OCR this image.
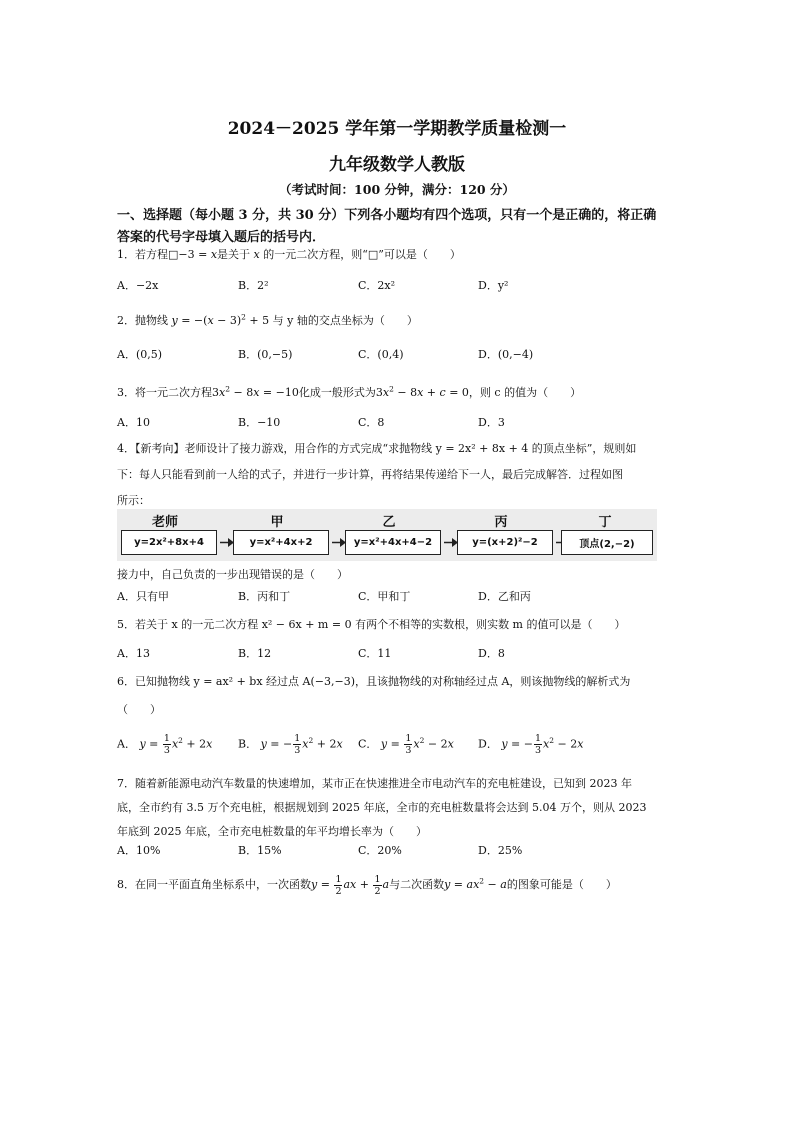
2024－2025 学年第一学期教学质量检测一
九年级数学人教版
（考试时间：100 分钟，满分：120 分）
一、选择题（每小题 3 分，共 30 分）下列各小题均有四个选项，只有一个是正确的，将正确
答案的代号字母填入题后的括号内．
1．若方程□−3 = x是关于 x 的一元二次方程，则“□”可以是（　　）
A．−2x	B．2²	C．2x²	D．y²
2．抛物线 $y = -(x - 3)^2 + 5$ 与 y 轴的交点坐标为（　　）
A．(0,5)	B．(0,−5)	C．(0,4)	D．(0,−4)
3．将一元二次方程$3x^2 - 8x = -10$化成一般形式为$3x^2 - 8x + c = 0$，则 c 的值为（　　）
A．10	B．−10	C．8	D．3
4．【新考向】老师设计了接力游戏，用合作的方式完成“求抛物线 y = 2x² + 8x + 4 的顶点坐标”，规则如
下：每人只能看到前一人给的式子，并进行一步计算，再将结果传递给下一人，最后完成解答．过程如图
所示：
老师
y=2x²+8x+4
甲
y=x²+4x+2
乙
y=x²+4x+4−2
丙
y=(x+2)²−2
丁
顶点(2,−2)
接力中，自己负责的一步出现错误的是（　　）
A．只有甲	B．丙和丁	C．甲和丁	D．乙和丙
5．若关于 x 的一元二次方程 x² − 6x + m = 0 有两个不相等的实数根，则实数 m 的值可以是（　　）
A．13	B．12	C．11	D．8
6．已知抛物线 y = ax² + bx 经过点 A(−3,−3)，且该抛物线的对称轴经过点 A，则该抛物线的解析式为
（　　）
A． $y = \frac{1}{3} x^2 + 2x$ B． y = − $\frac{1}{3} x^2 + 2x$ C． $y = \frac{1}{3} x^2 - 2x$ D． y = − $\frac{1}{3} x^2 - 2x$
7．随着新能源电动汽车数量的快速增加，某市正在快速推进全市电动汽车的充电桩建设，已知到 2023 年
底，全市约有 3.5 万个充电桩，根据规划到 2025 年底，全市的充电桩数量将会达到 5.04 万个，则从 2023
年底到 2025 年底，全市充电桩数量的年平均增长率为（　　）
A．10%	B．15%	C．20%	D．25%
8．在同一平面直角坐标系中，一次函数$y = \frac{1}{2}$ ax + $\frac{1}{2}$ a与二次函数$y = ax^2 - a$的图象可能是（　　）
